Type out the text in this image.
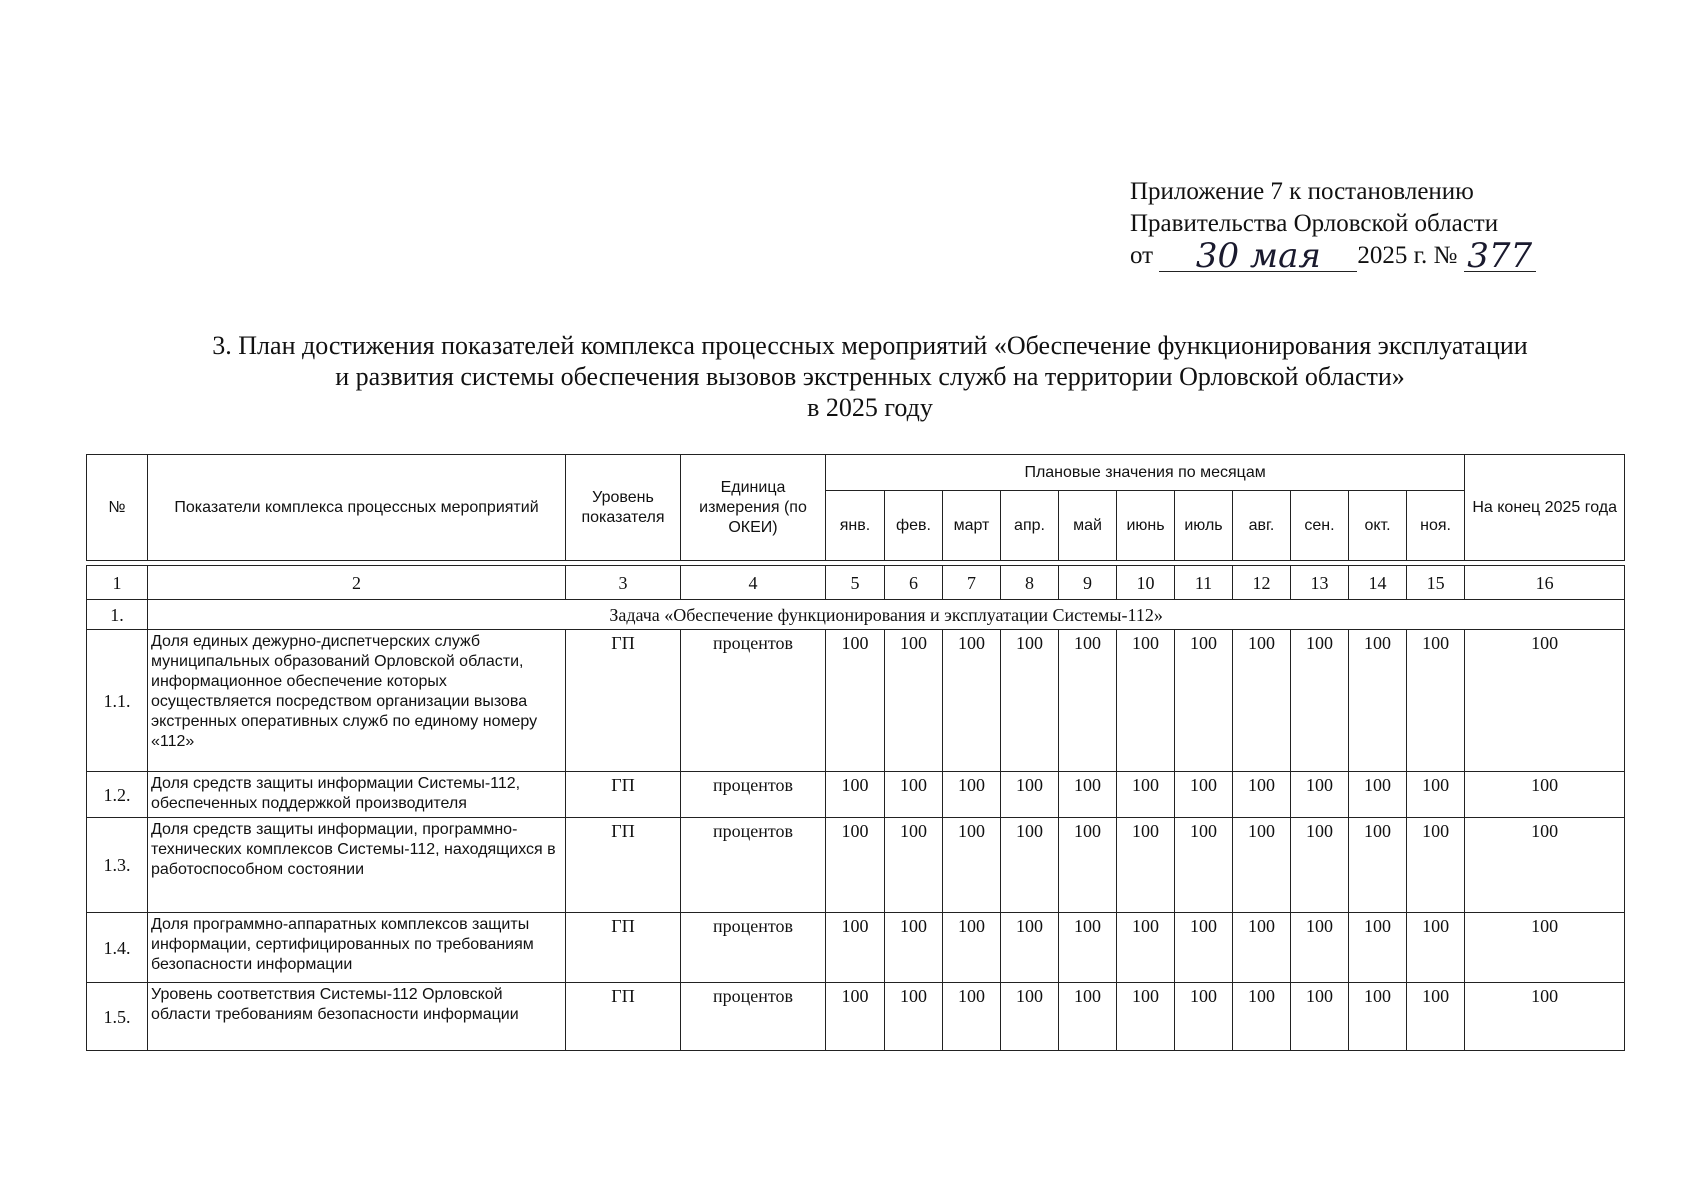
Приложение 7 к постановлению
Правительства Орловской области
от 30 мая 2025 г. № 377
3. План достижения показателей комплекса процессных мероприятий «Обеспечение функционирования эксплуатации
и развития системы обеспечения вызовов экстренных служб на территории Орловской области»
в 2025 году
№	Показатели комплекса процессных мероприятий	Уровень показателя	Единица измерения (по ОКЕИ)	Плановые значения по месяцам											На конец 2025 года
				янв.	фев.	март	апр.	май	июнь	июль	авг.	сен.	окт.	ноя.	

1	2	3	4	5	6	7	8	9	10	11	12	13	14	15	16
1.	Задача «Обеспечение функционирования и эксплуатации Системы-112»														
1.1.	Доля единых дежурно-диспетчерских служб муниципальных образований Орловской области, информационное обеспечение которых осуществляется посредством организации вызова экстренных оперативных служб по единому номеру «112»	ГП	процентов	100	100	100	100	100	100	100	100	100	100	100	100
1.2.	Доля средств защиты информации Системы-112, обеспеченных поддержкой производителя	ГП	процентов	100	100	100	100	100	100	100	100	100	100	100	100
1.3.	Доля средств защиты информации, программно-технических комплексов Системы-112, находящихся в работоспособном состоянии	ГП	процентов	100	100	100	100	100	100	100	100	100	100	100	100
1.4.	Доля программно-аппаратных комплексов защиты информации, сертифицированных по требованиям безопасности информации	ГП	процентов	100	100	100	100	100	100	100	100	100	100	100	100
1.5.	Уровень соответствия Системы-112 Орловской области требованиям безопасности информации	ГП	процентов	100	100	100	100	100	100	100	100	100	100	100	100
